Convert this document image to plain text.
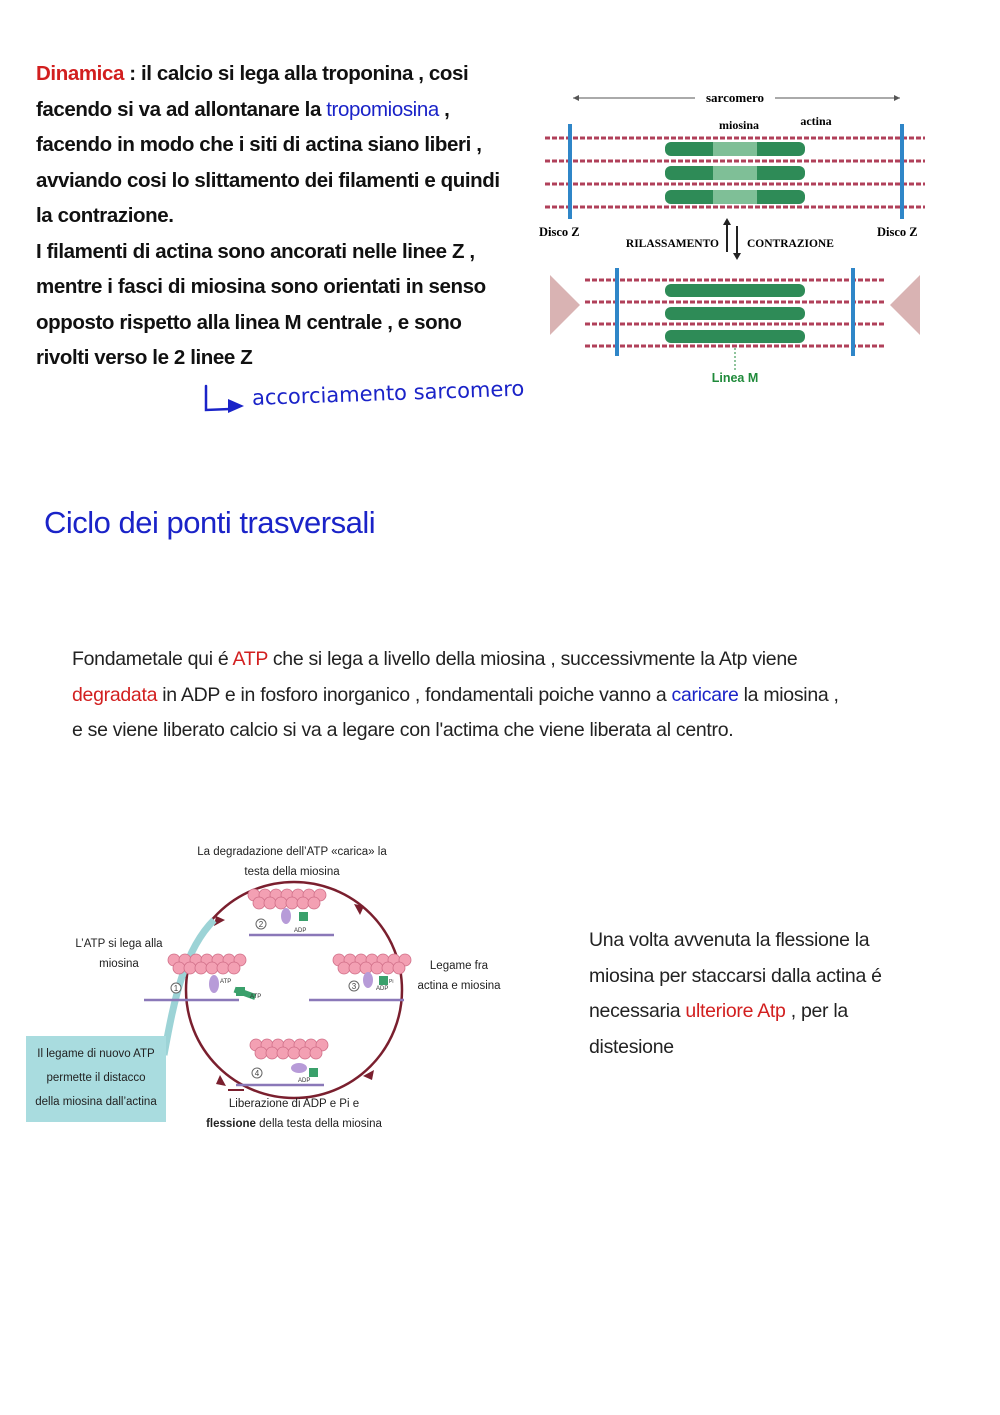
Dinamica : il calcio si lega alla troponina , cosi facendo si va ad allontanare la tropomiosina , facendo in modo che i siti di actina siano liberi , avviando cosi lo slittamento dei filamenti e quindi la contrazione.
I filamenti di actina sono ancorati nelle linee Z , mentre i fasci di miosina sono orientati in senso opposto rispetto alla linea M centrale , e sono rivolti verso le 2 linee Z
accorciamento sarcomero
sarcomero
miosina	actina
Disco Z	Disco Z
RILASSAMENTO CONTRAZIONE
Linea M
Ciclo dei ponti trasversali
Fondametale qui é ATP che si lega a livello della miosina , successivmente la Atp viene degradata in ADP e in fosforo inorganico , fondamentali poiche vanno a caricare la miosina , e se viene liberato calcio si va a legare con l'actima che viene liberata al centro.
2
1	3
4
ADP
ATP
ATP
ADP
Pi
ADP
La degradazione dell’ATP «carica» la
testa della miosina
L’ATP si lega alla
miosina	Legame fra
actina e miosina
Liberazione di ADP e Pi e
flessione della testa della miosina
Il legame di nuovo ATP
permette il distacco
della miosina dall’actina
Una volta avvenuta la flessione la miosina per staccarsi dalla actina é necessaria ulteriore Atp , per la distesione
